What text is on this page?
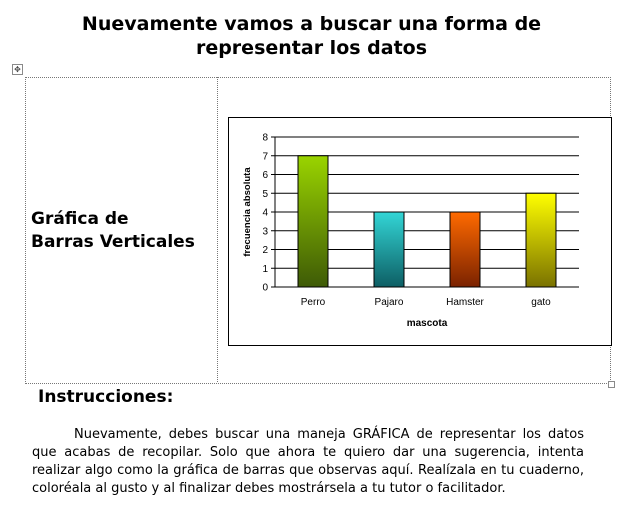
Nuevamente vamos a buscar una forma de
representar los datos
✥
Gráfica de
Barras Verticales
0
1
2
3
4
5
6
7
8
Perro	Pajaro	Hamster	gato
mascota
frecuencia absoluta
Instrucciones:
Nuevamente, debes buscar una maneja GRÁFICA de representar los datos que acabas de recopilar. Solo que ahora te quiero dar una sugerencia, intenta realizar algo como la gráfica de barras que observas aquí. Realízala en tu cuaderno, coloréala al gusto y al finalizar debes mostrársela a tu tutor o facilitador.
